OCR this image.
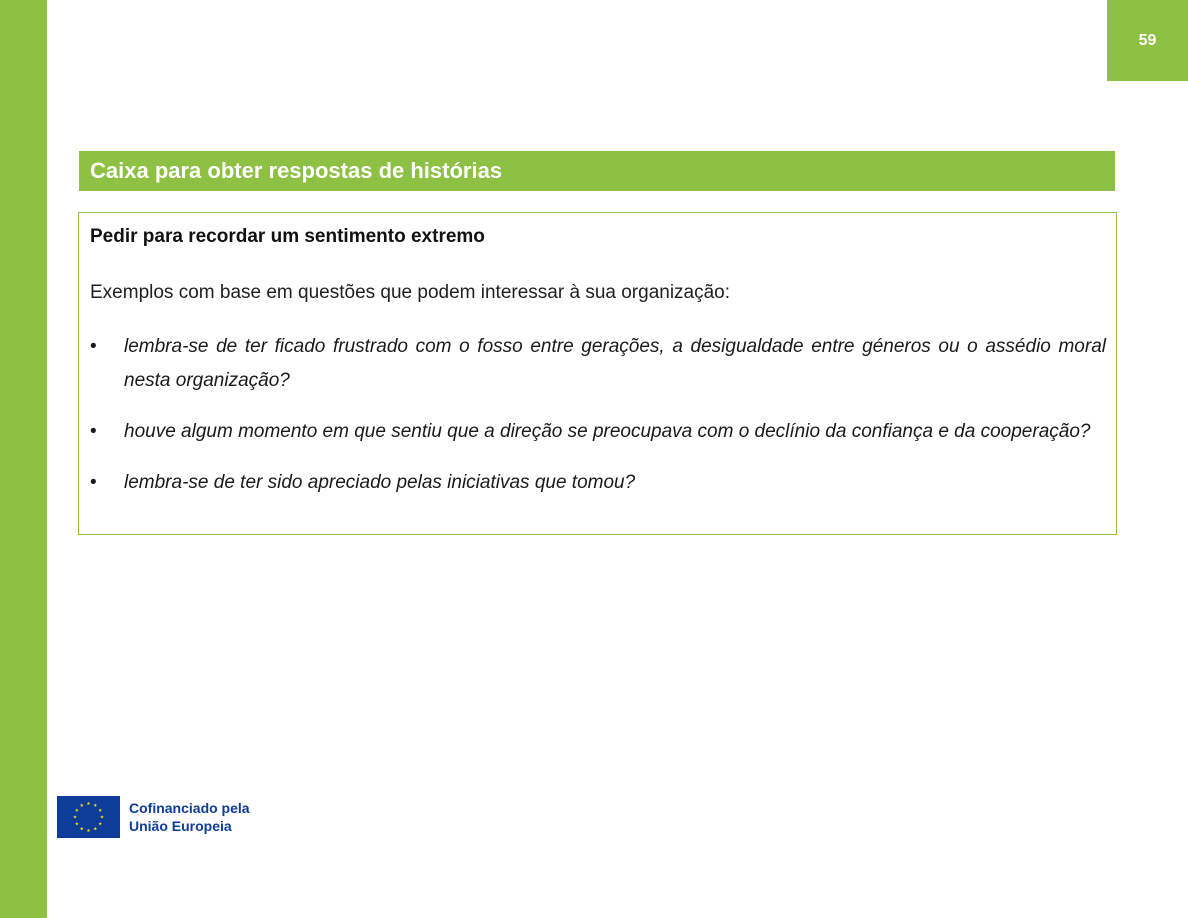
59
Caixa para obter respostas de histórias
Pedir para recordar um sentimento extremo
Exemplos com base em questões que podem interessar à sua organização:
•	lembra-se de ter ficado frustrado com o fosso entre gerações, a desigualdade entre géneros ou o assédio moral nesta organização?
•	houve algum momento em que sentiu que a direção se preocupava com o declínio da confiança e da cooperação?
•	lembra-se de ter sido apreciado pelas iniciativas que tomou?
Cofinanciado pela
União Europeia
